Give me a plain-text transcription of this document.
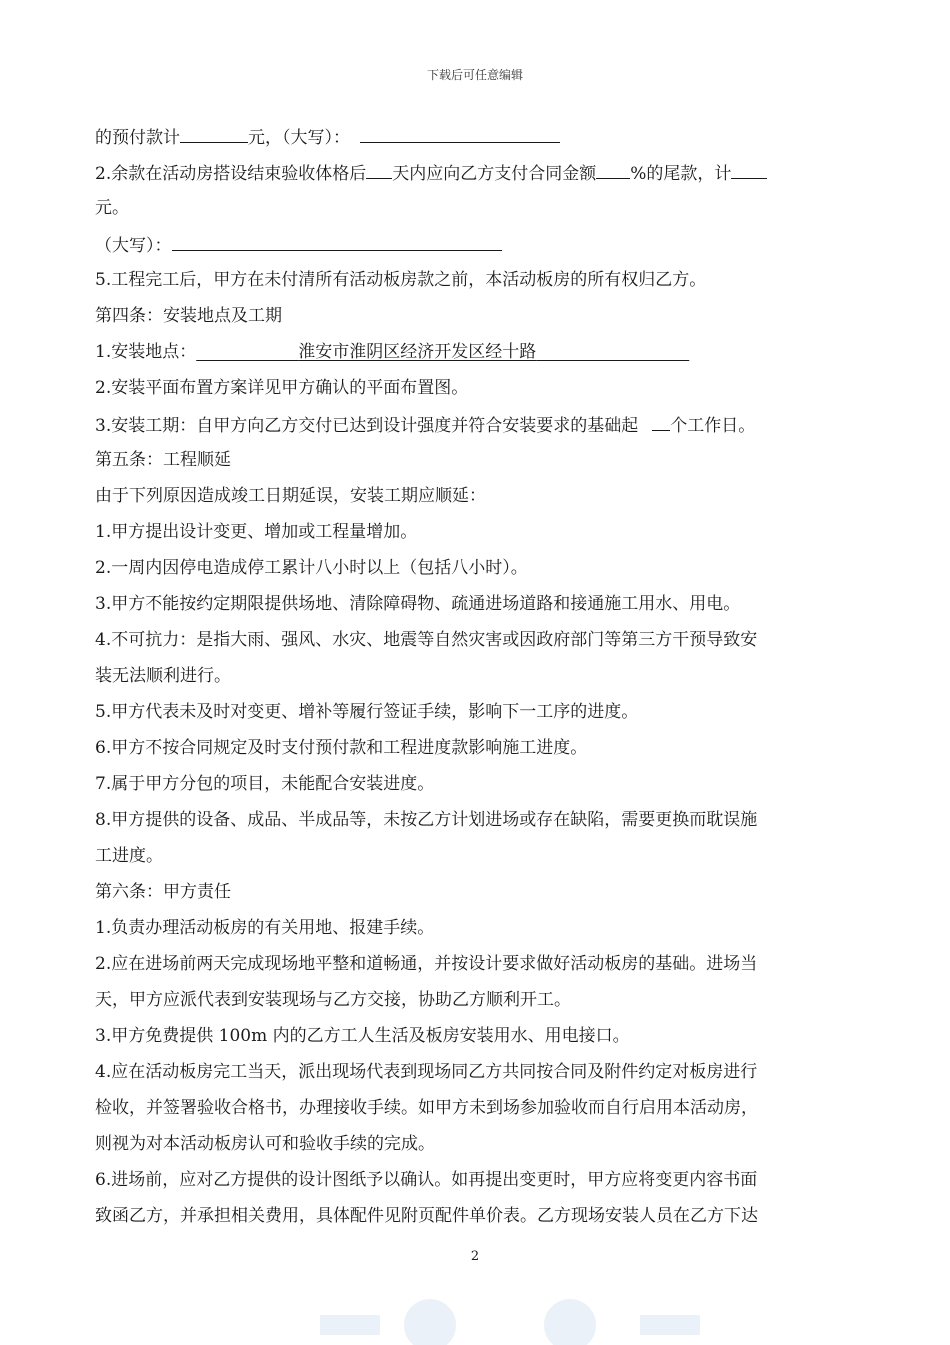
下载后可任意编辑
的预付款计	元，（大写）：
2.余款在活动房搭设结束验收体格后 天内应向乙方支付合同金额 %的尾款，计
元。
（大写）：
5.工程完工后，甲方在未付清所有活动板房款之前，本活动板房的所有权归乙方。
第四条：安装地点及工期
1.安装地点：            	淮安市淮阴区经济开发区经十路                  
2.安装平面布置方案详见甲方确认的平面布置图。
3.安装工期：自甲方向乙方交付已达到设计强度并符合安装要求的基础起 个工作日。
第五条：工程顺延
由于下列原因造成竣工日期延误，安装工期应顺延：
1.甲方提出设计变更、增加或工程量增加。
2.一周内因停电造成停工累计八小时以上（包括八小时）。
3.甲方不能按约定期限提供场地、清除障碍物、疏通进场道路和接通施工用水、用电。
4.不可抗力：是指大雨、强风、水灾、地震等自然灾害或因政府部门等第三方干预导致安
装无法顺利进行。
5.甲方代表未及时对变更、增补等履行签证手续，影响下一工序的进度。
6.甲方不按合同规定及时支付预付款和工程进度款影响施工进度。
7.属于甲方分包的项目，未能配合安装进度。
8.甲方提供的设备、成品、半成品等，未按乙方计划进场或存在缺陷，需要更换而耽误施
工进度。
第六条：甲方责任
1.负责办理活动板房的有关用地、报建手续。
2.应在进场前两天完成现场地平整和道畅通，并按设计要求做好活动板房的基础。进场当
天，甲方应派代表到安装现场与乙方交接，协助乙方顺利开工。
3.甲方免费提供 100m 内的乙方工人生活及板房安装用水、用电接口。
4.应在活动板房完工当天，派出现场代表到现场同乙方共同按合同及附件约定对板房进行
检收，并签署验收合格书，办理接收手续。如甲方未到场参加验收而自行启用本活动房，
则视为对本活动板房认可和验收手续的完成。
6.进场前，应对乙方提供的设计图纸予以确认。如再提出变更时，甲方应将变更内容书面
致函乙方，并承担相关费用，具体配件见附页配件单价表。乙方现场安装人员在乙方下达
2
